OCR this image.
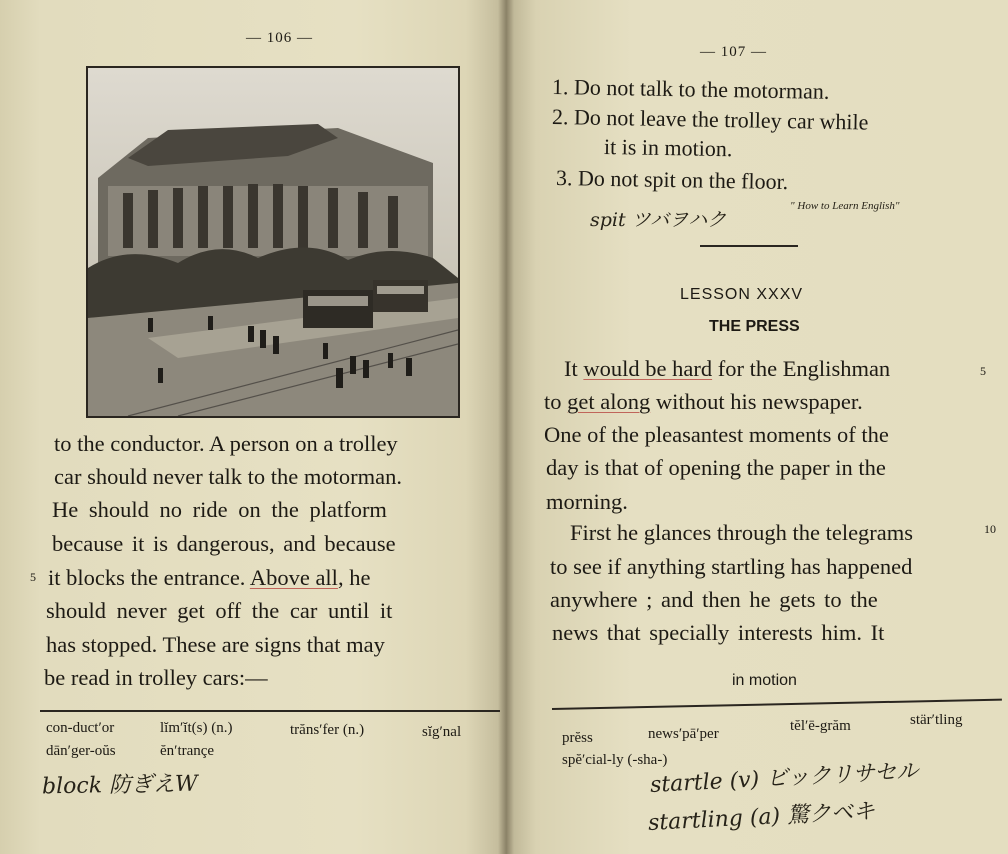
— 106 —
to the conductor. A person on a trolley
car should never talk to the motorman.
He should no ride on the platform
because it is dangerous, and because
5 it blocks the entrance. Above all, he
should never get off the car until it
has stopped. These are signs that may
be read in trolley cars:—
con-duct′or	lĭm′ĭt(s) (n.)	trăns′fer (n.)	sĭg′nal
dān′ger-oŭs	ĕn′trançe
block 防ぎえW
— 107 —
1. Do not talk to the motorman.
2. Do not leave the trolley car while
it is in motion.
3. Do not spit on the floor.
spit ツバヲハク
" How to Learn English"
LESSON XXXV
THE PRESS
It would be hard for the Englishman	5
to get along without his newspaper.
One of the pleasantest moments of the
day is that of opening the paper in the
morning.
First he glances through the telegrams	10
to see if anything startling has happened
anywhere ; and then he gets to the
news that specially interests him. It
in motion
prĕss	news′pā′per	tĕl′ē-grăm	stär′tling
spĕ′cial-ly (-sha-)
startle (v) ビックリサセル
startling (a) 驚クベキ
